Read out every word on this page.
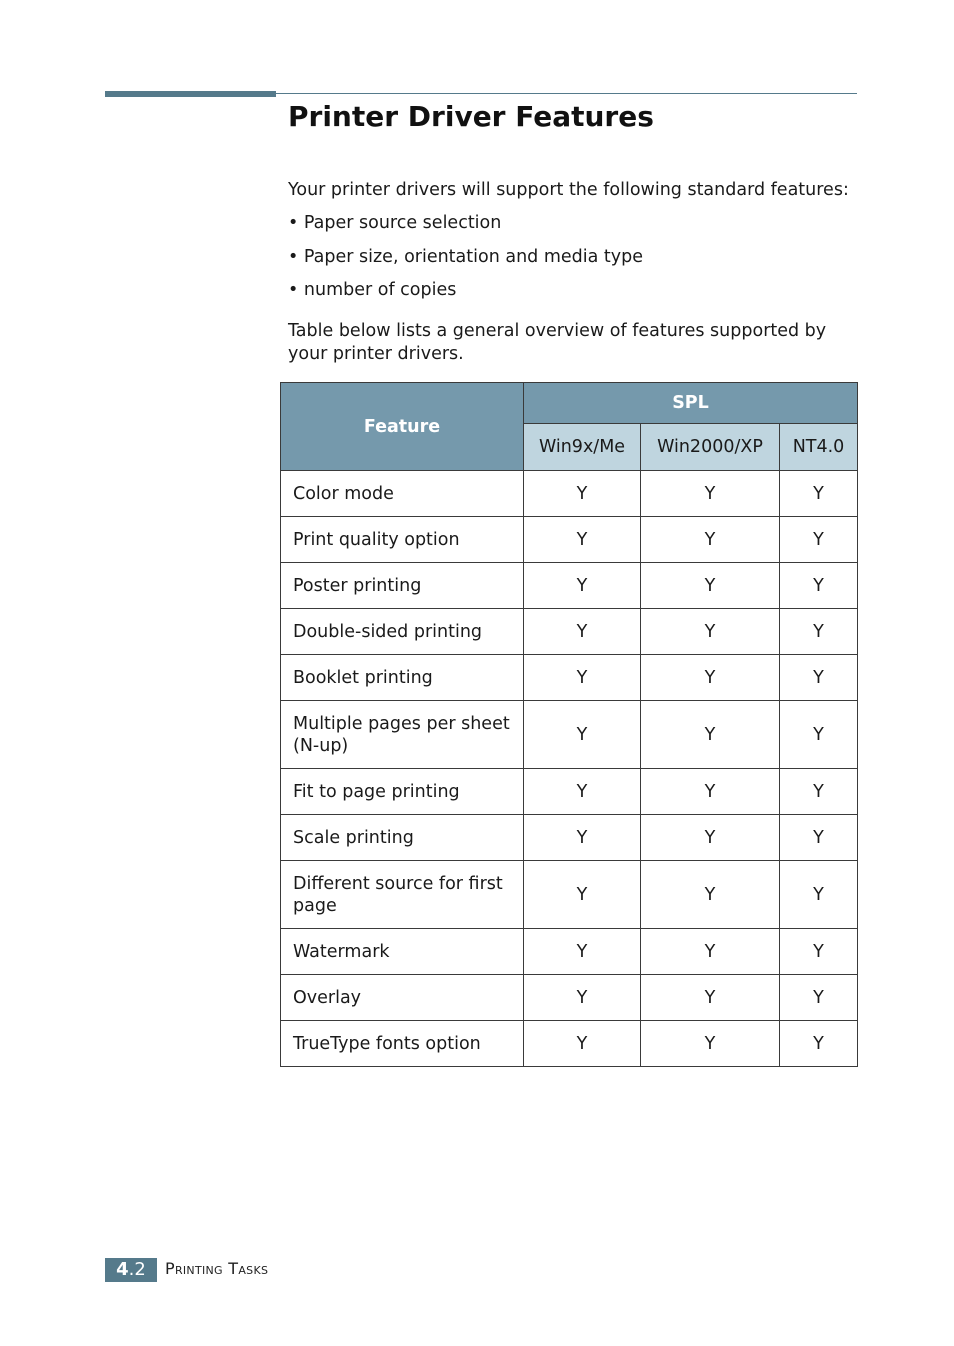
Printer Driver Features

Your printer drivers will support the following standard features:

• Paper source selection
• Paper size, orientation and media type
• number of copies

Table below lists a general overview of features supported by your printer drivers.

Feature	SPL		
	Win9x/Me	Win2000/XP	NT4.0
Color mode	Y	Y	Y
Print quality option	Y	Y	Y
Poster printing	Y	Y	Y
Double-sided printing	Y	Y	Y
Booklet printing	Y	Y	Y
Multiple pages per sheet (N-up)	Y	Y	Y
Fit to page printing	Y	Y	Y
Scale printing	Y	Y	Y
Different source for first page	Y	Y	Y
Watermark	Y	Y	Y
Overlay	Y	Y	Y
TrueType fonts option	Y	Y	Y
4.2	Printing Tasks
